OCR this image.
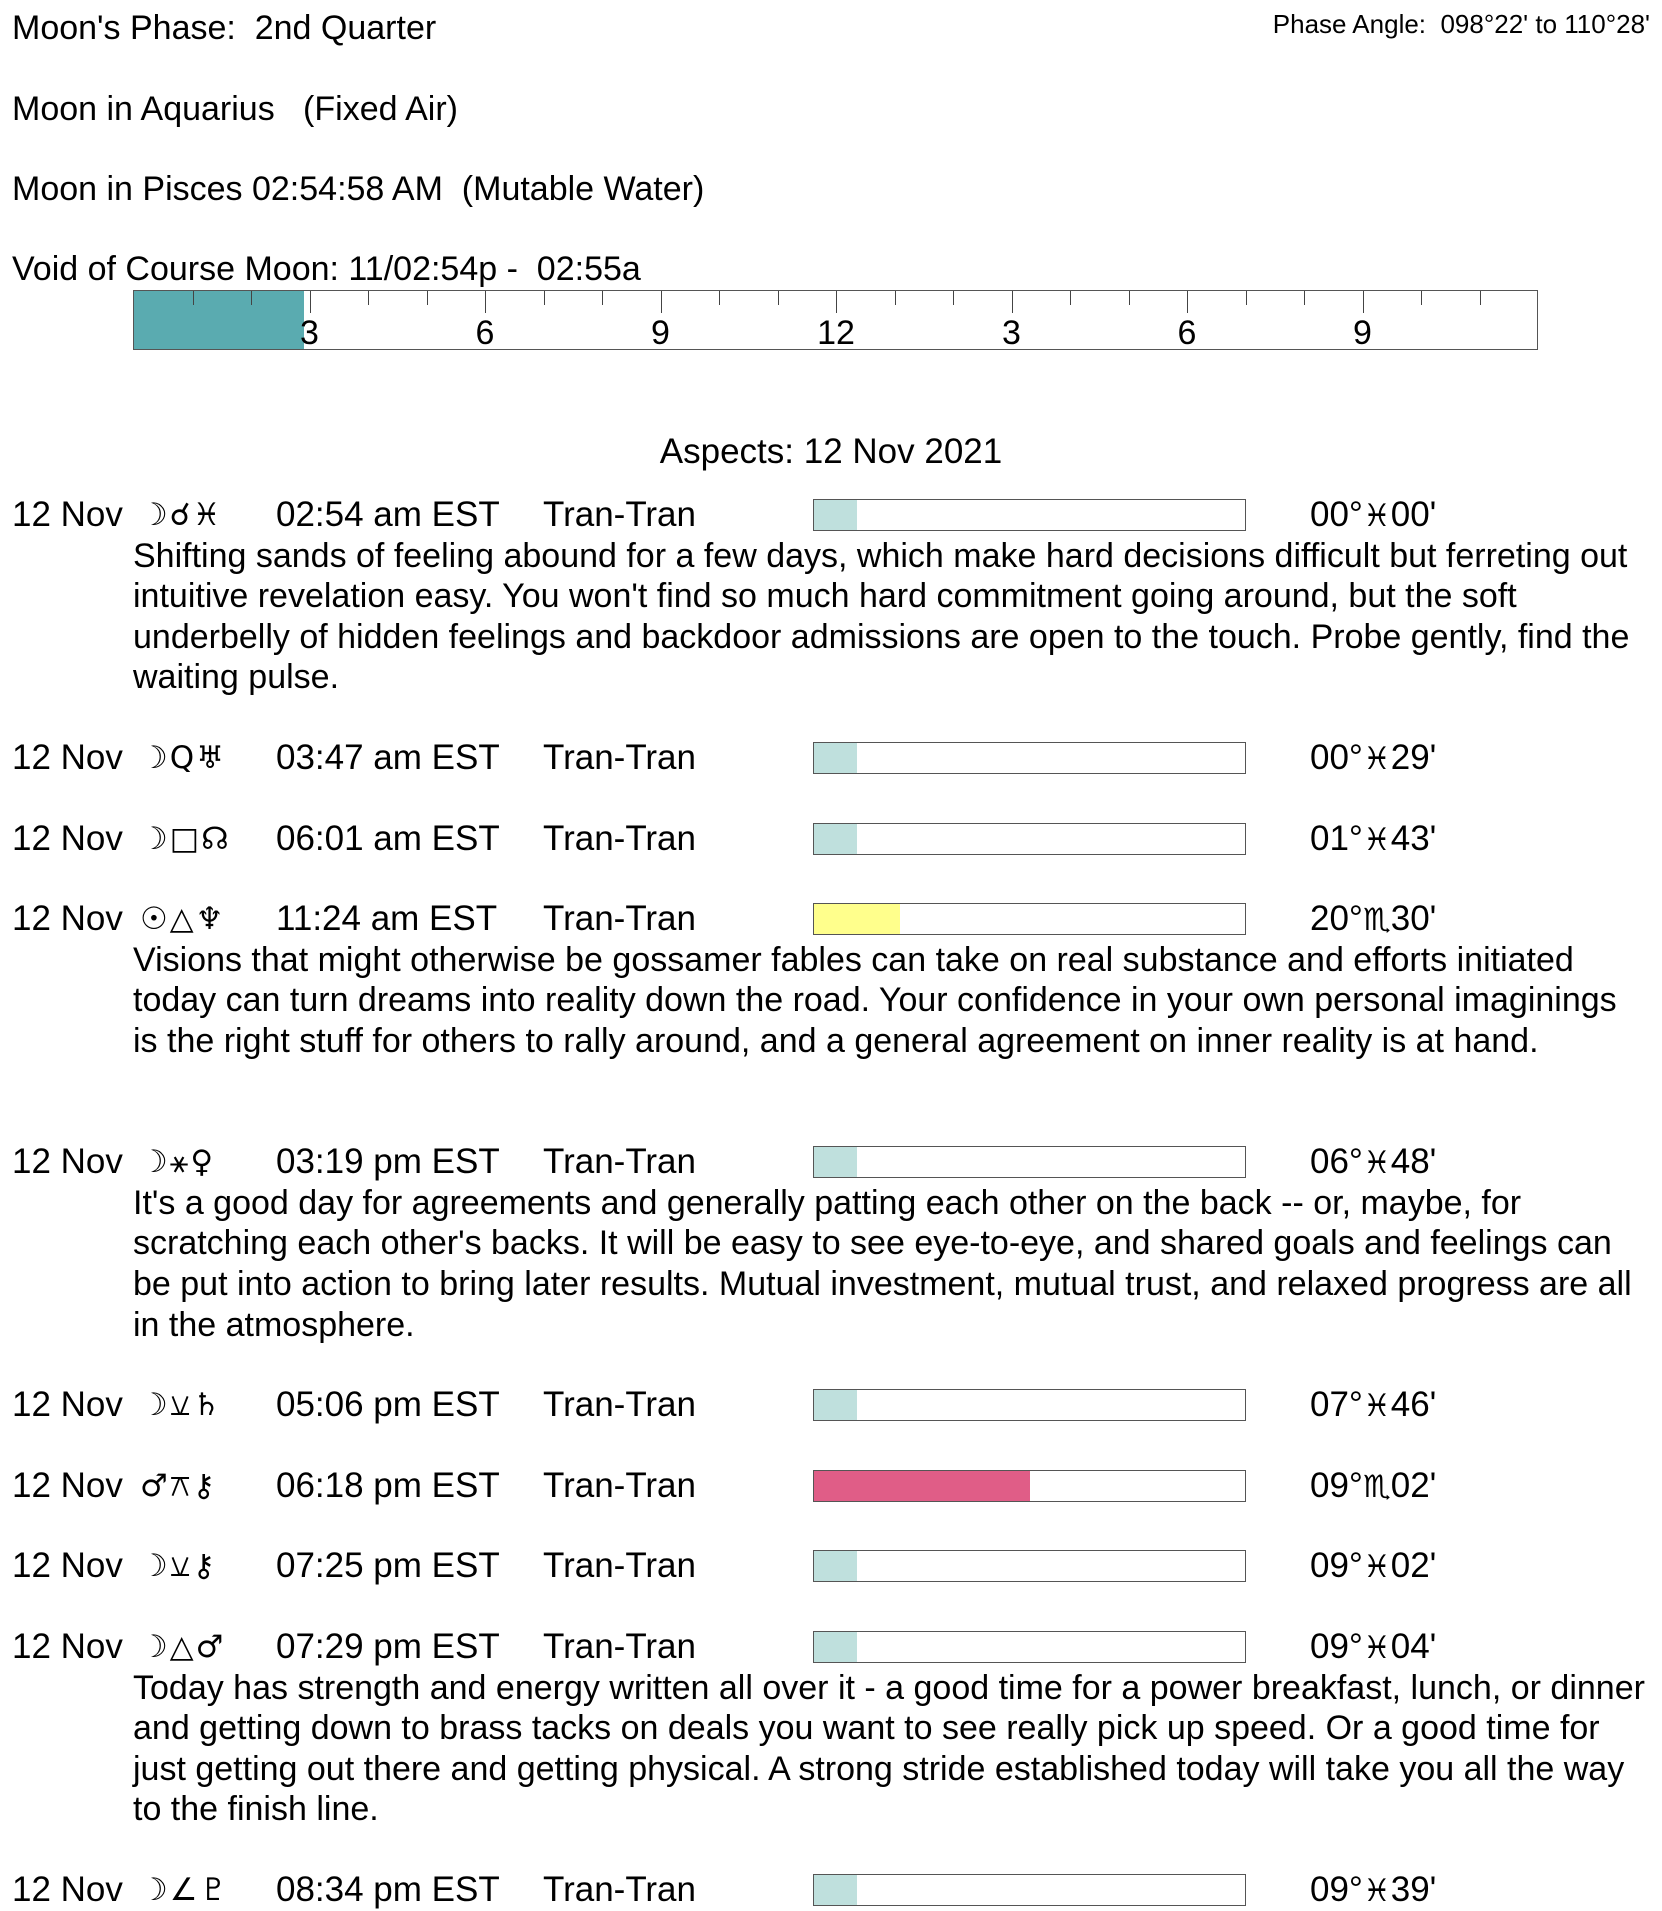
Moon's Phase:  2nd Quarter	Phase Angle:  098°22' to 110°28'
Moon in Aquarius   (Fixed Air)
Moon in Pisces 02:54:58 AM  (Mutable Water)
Void of Course Moon: 11/02:54p -  02:55a
3	6	9	12	3	6	9
Aspects: 12 Nov 2021
12 Nov ☽☌♓ 02:54 am EST Tran-Tran	00°♓00'
Shifting sands of feeling abound for a few days, which make hard decisions difficult but ferreting out intuitive revelation easy. You won't find so much hard commitment going around, but the soft underbelly of hidden feelings and backdoor admissions are open to the touch. Probe gently, find the waiting pulse.
12 Nov ☽Q♅ 03:47 am EST Tran-Tran	00°♓29'
12 Nov ☽□☊ 06:01 am EST Tran-Tran	01°♓43'
12 Nov ☉△♆ 11:24 am EST Tran-Tran	20°♏30'
Visions that might otherwise be gossamer fables can take on real substance and efforts initiated today can turn dreams into reality down the road. Your confidence in your own personal imaginings is the right stuff for others to rally around, and a general agreement on inner reality is at hand.
12 Nov ☽⚹♀ 03:19 pm EST Tran-Tran	06°♓48'
It's a good day for agreements and generally patting each other on the back -- or, maybe, for scratching each other's backs. It will be easy to see eye-to-eye, and shared goals and feelings can be put into action to bring later results. Mutual investment, mutual trust, and relaxed progress are all in the atmosphere.
12 Nov ☽⚺♄ 05:06 pm EST Tran-Tran	07°♓46'
12 Nov ♂⚻⚷ 06:18 pm EST Tran-Tran	09°♏02'
12 Nov ☽⚺⚷ 07:25 pm EST Tran-Tran	09°♓02'
12 Nov ☽△♂ 07:29 pm EST Tran-Tran	09°♓04'
Today has strength and energy written all over it - a good time for a power breakfast, lunch, or dinner and getting down to brass tacks on deals you want to see really pick up speed. Or a good time for just getting out there and getting physical. A strong stride established today will take you all the way to the finish line.
12 Nov ☽∠♇ 08:34 pm EST Tran-Tran	09°♓39'
